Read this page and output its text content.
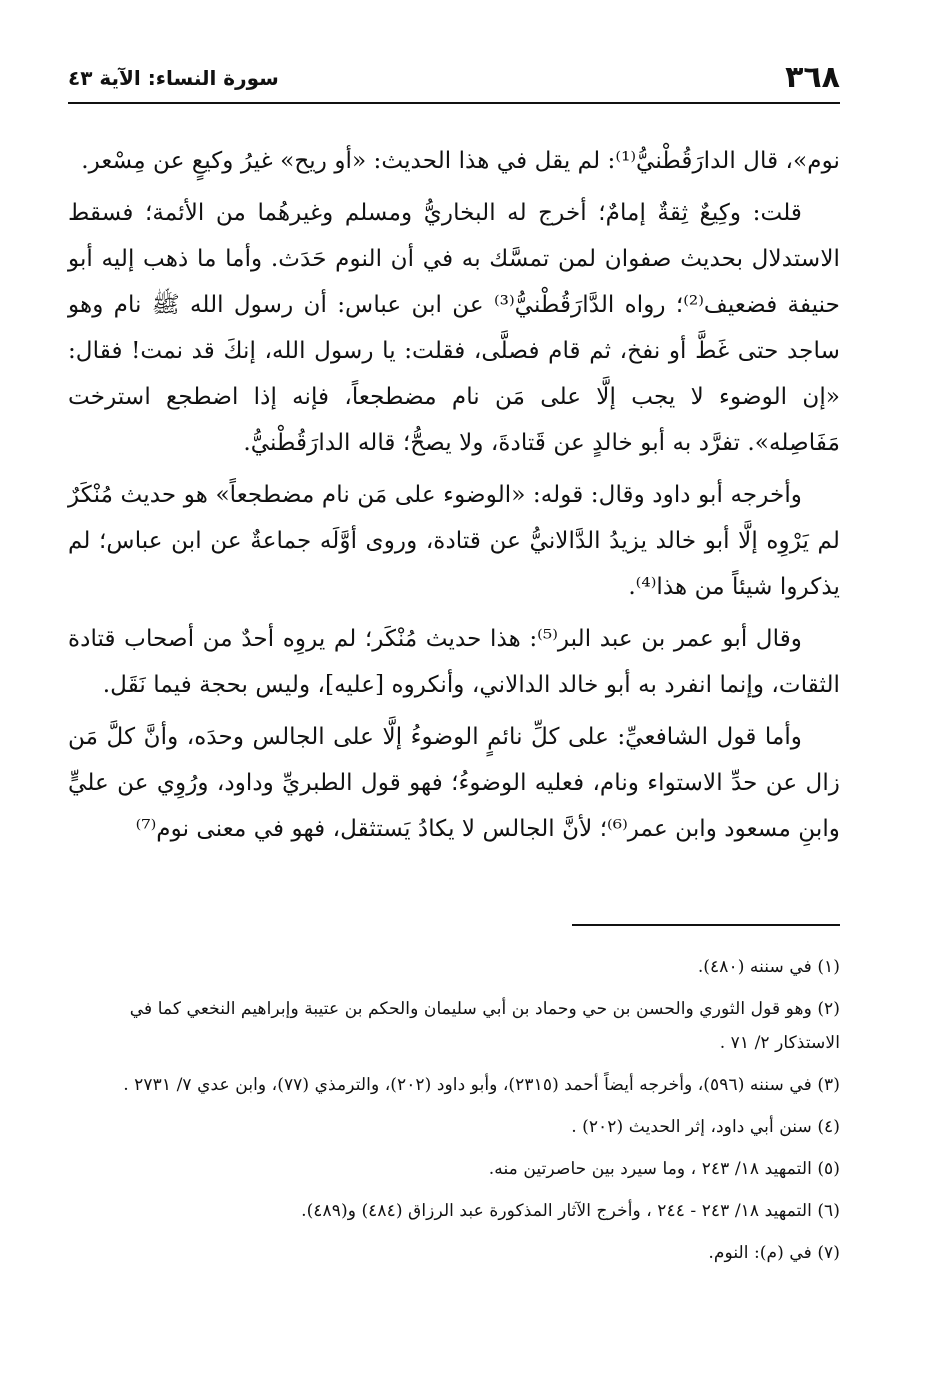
٣٦٨
سورة النساء: الآية ٤٣

نوم»، قال الدارَقُطْنيُّ⁽¹⁾: لم يقل في هذا الحديث: «أو ريح» غيرُ وكيعٍ عن مِسْعر.

قلت: وكِيعٌ ثِقةٌ إمامٌ؛ أخرج له البخاريُّ ومسلم وغيرهُما من الأئمة؛ فسقط الاستدلال بحديث صفوان لمن تمسَّك به في أن النوم حَدَث. وأما ما ذهب إليه أبو حنيفة فضعيف⁽²⁾؛ رواه الدَّارَقُطْنيُّ⁽³⁾ عن ابن عباس: أن رسول الله ﷺ نام وهو ساجد حتى غَطَّ أو نفخ، ثم قام فصلَّى، فقلت: يا رسول الله، إنكَ قد نمت! فقال: «إن الوضوء لا يجب إلَّا على مَن نام مضطجعاً، فإنه إذا اضطجع استرخت مَفَاصِله». تفرَّد به أبو خالدٍ عن قَتادةَ، ولا يصحُّ؛ قاله الدارَقُطْنيُّ.

وأخرجه أبو داود وقال: قوله: «الوضوء على مَن نام مضطجعاً» هو حديث مُنْكَرٌ لم يَرْوِه إلَّا أبو خالد يزيدُ الدَّالانيُّ عن قتادة، وروى أوَّلَه جماعةٌ عن ابن عباس؛ لم يذكروا شيئاً من هذا⁽⁴⁾.

وقال أبو عمر بن عبد البر⁽⁵⁾: هذا حديث مُنْكَر؛ لم يروِه أحدٌ من أصحاب قتادة الثقات، وإنما انفرد به أبو خالد الدالاني، وأنكروه [عليه]، وليس بحجة فيما نَقَل.

وأما قول الشافعيِّ: على كلِّ نائمٍ الوضوءُ إلَّا على الجالس وحدَه، وأنَّ كلَّ مَن زال عن حدِّ الاستواء ونام، فعليه الوضوءُ؛ فهو قول الطبريِّ وداود، ورُوِي عن عليٍّ وابنِ مسعود وابن عمر⁽⁶⁾؛ لأنَّ الجالس لا يكادُ يَستثقل، فهو في معنى نوم⁽⁷⁾

(١) في سننه (٤٨٠).

(٢) وهو قول الثوري والحسن بن حي وحماد بن أبي سليمان والحكم بن عتيبة وإبراهيم النخعي كما في الاستذكار ٢/ ٧١ .

(٣) في سننه (٥٩٦)، وأخرجه أيضاً أحمد (٢٣١٥)، وأبو داود (٢٠٢)، والترمذي (٧٧)، وابن عدي ٧/ ٢٧٣١ .

(٤) سنن أبي داود، إثر الحديث (٢٠٢) .

(٥) التمهيد ١٨/ ٢٤٣ ، وما سيرد بين حاصرتين منه.

(٦) التمهيد ١٨/ ٢٤٣ - ٢٤٤ ، وأخرج الآثار المذكورة عبد الرزاق (٤٨٤) و(٤٨٩).

(٧) في (م): النوم.
